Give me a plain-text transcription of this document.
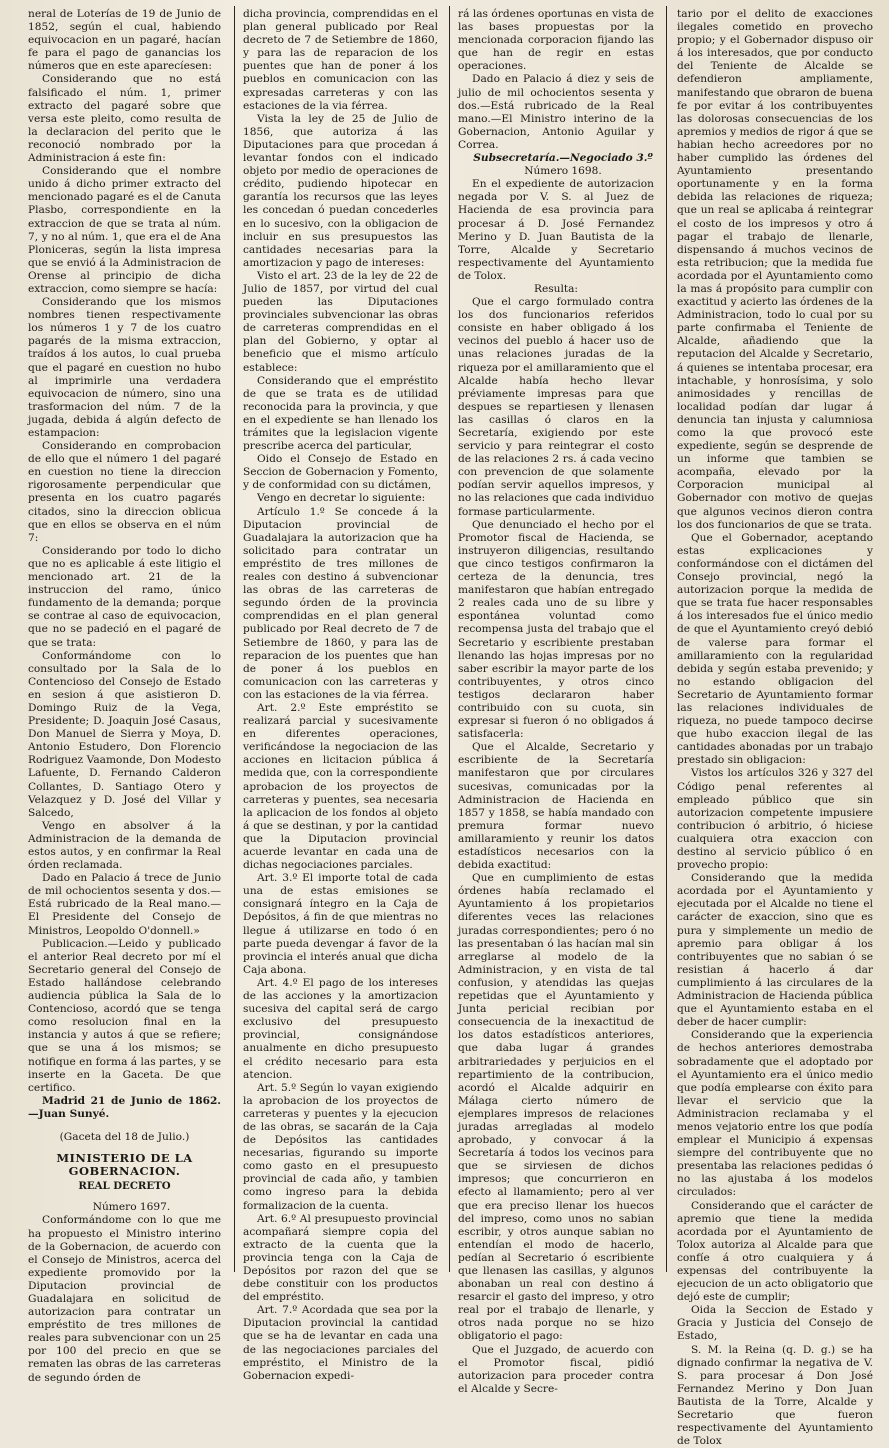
neral de Loterías de 19 de Junio de 1852, según el cual, habiendo equivocacion en un pagaré, hacían fe para el pago de ganancias los números que en este aparecíesen:

Considerando que no está falsificado el núm. 1, primer extracto del pagaré sobre que versa este pleito, como resulta de la declaracion del perito que le reconoció nombrado por la Administracion á este fin:

Considerando que el nombre unido á dicho primer extracto del mencionado pagaré es el de Canuta Plasbo, correspondiente en la extraccion de que se trata al núm. 7, y no al núm. 1, que era el de Ana Ploniceras, según la lista impresa que se envió á la Administracion de Orense al principio de dicha extraccion, como siempre se hacía:

Considerando que los mismos nombres tienen respectivamente los números 1 y 7 de los cuatro pagarés de la misma extraccion, traídos á los autos, lo cual prueba que el pagaré en cuestion no hubo al imprimirle una verdadera equivocacion de número, sino una trasformacion del núm. 7 de la jugada, debida á algún defecto de estampacion:

Considerando en comprobacion de ello que el número 1 del pagaré en cuestion no tiene la direccion rigorosamente perpendicular que presenta en los cuatro pagarés citados, sino la direccion oblicua que en ellos se observa en el núm 7:

Considerando por todo lo dicho que no es aplicable á este litigio el mencionado art. 21 de la instruccion del ramo, único fundamento de la demanda; porque se contrae al caso de equivocacion, que no se padeció en el pagaré de que se trata:

Conformándome con lo consultado por la Sala de lo Contencioso del Consejo de Estado en sesion á que asistieron D. Domingo Ruiz de la Vega, Presidente; D. Joaquin José Casaus, Don Manuel de Sierra y Moya, D. Antonio Estudero, Don Florencio Rodriguez Vaamonde, Don Modesto Lafuente, D. Fernando Calderon Collantes, D. Santiago Otero y Velazquez y D. José del Villar y Salcedo,

Vengo en absolver á la Administracion de la demanda de estos autos, y en confirmar la Real órden reclamada.

Dado en Palacio á trece de Junio de mil ochocientos sesenta y dos.—Está rubricado de la Real mano.—El Presidente del Consejo de Ministros, Leopoldo O'donnell.»

Publicacion.—Leido y publicado el anterior Real decreto por mí el Secretario general del Consejo de Estado hallándose celebrando audiencia pública la Sala de lo Contencioso, acordó que se tenga como resolucion final en la instancia y autos á que se refiere; que se una á los mismos; se notifique en forma á las partes, y se inserte en la Gaceta. De que certifico.

Madrid 21 de Junio de 1862.—Juan Sunyé.

(Gaceta del 18 de Julio.)

MINISTERIO DE LA GOBERNACION.
REAL DECRETO

Número 1697.

Conformándome con lo que me ha propuesto el Ministro interino de la Gobernacion, de acuerdo con el Consejo de Ministros, acerca del expediente promovido por la Diputacion provincial de Guadalajara en solicitud de autorizacion para contratar un empréstito de tres millones de reales para subvencionar con un 25 por 100 del precio en que se rematen las obras de las carreteras de segundo órden de

dicha provincia, comprendidas en el plan general publicado por Real decreto de 7 de Setiembre de 1860, y para las de reparacion de los puentes que han de poner á los pueblos en comunicacion con las expresadas carreteras y con las estaciones de la via férrea.

Vista la ley de 25 de Julio de 1856, que autoriza á las Diputaciones para que procedan á levantar fondos con el indicado objeto por medio de operaciones de crédito, pudiendo hipotecar en garantía los recursos que las leyes les concedan ó puedan concederles en lo sucesivo, con la obligacion de incluir en sus presupuestos las cantidades necesarias para la amortizacion y pago de intereses:

Visto el art. 23 de la ley de 22 de Julio de 1857, por virtud del cual pueden las Diputaciones provinciales subvencionar las obras de carreteras comprendidas en el plan del Gobierno, y optar al beneficio que el mismo artículo establece:

Considerando que el empréstito de que se trata es de utilidad reconocida para la provincia, y que en el expediente se han llenado los trámites que la legislacion vigente prescribe acerca del particular,

Oido el Consejo de Estado en Seccion de Gobernacion y Fomento, y de conformidad con su dictámen,

Vengo en decretar lo siguiente:

Artículo 1.º Se concede á la Diputacion provincial de Guadalajara la autorizacion que ha solicitado para contratar un empréstito de tres millones de reales con destino á subvencionar las obras de las carreteras de segundo órden de la provincia comprendidas en el plan general publicado por Real decreto de 7 de Setiembre de 1860, y para las de reparacion de los puentes que han de poner á los pueblos en comunicacion con las carreteras y con las estaciones de la via férrea.

Art. 2.º Este empréstito se realizará parcial y sucesivamente en diferentes operaciones, verificándose la negociacion de las acciones en licitacion pública á medida que, con la correspondiente aprobacion de los proyectos de carreteras y puentes, sea necesaria la aplicacion de los fondos al objeto á que se destinan, y por la cantidad que la Diputacion provincial acuerde levantar en cada una de dichas negociaciones parciales.

Art. 3.º El importe total de cada una de estas emisiones se consignará íntegro en la Caja de Depósitos, á fin de que mientras no llegue á utilizarse en todo ó en parte pueda devengar á favor de la provincia el interés anual que dicha Caja abona.

Art. 4.º El pago de los intereses de las acciones y la amortizacion sucesiva del capital será de cargo exclusivo del presupuesto provincial, consignándose anualmente en dicho presupuesto el crédito necesario para esta atencion.

Art. 5.º Según lo vayan exigiendo la aprobacion de los proyectos de carreteras y puentes y la ejecucion de las obras, se sacarán de la Caja de Depósitos las cantidades necesarias, figurando su importe como gasto en el presupuesto provincial de cada año, y tambien como ingreso para la debida formalizacion de la cuenta.

Art. 6.º Al presupuesto provincial acompañará siempre copia del extracto de la cuenta que la provincia tenga con la Caja de Depósitos por razon del que se debe constituir con los productos del empréstito.

Art. 7.º Acordada que sea por la Diputacion provincial la cantidad que se ha de levantar en cada una de las negociaciones parciales del empréstito, el Ministro de la Gobernacion expedi-

rá las órdenes oportunas en vista de las bases propuestas por la mencionada corporacion fijando las que han de regir en estas operaciones.

Dado en Palacio á diez y seis de julio de mil ochocientos sesenta y dos.—Está rubricado de la Real mano.—El Ministro interino de la Gobernacion, Antonio Aguilar y Correa.

Subsecretaría.—Negociado 3.º

Número 1698.

En el expediente de autorizacion negada por V. S. al Juez de Hacienda de esa provincia para procesar á D. José Fernandez Merino y D. Juan Bautista de la Torre, Alcalde y Secretario respectivamente del Ayuntamiento de Tolox.

Resulta:

Que el cargo formulado contra los dos funcionarios referidos consiste en haber obligado á los vecinos del pueblo á hacer uso de unas relaciones juradas de la riqueza por el amillaramiento que el Alcalde había hecho llevar préviamente impresas para que despues se repartiesen y llenasen las casillas ó claros en la Secretaría, exigiendo por este servicio y para reintegrar el costo de las relaciones 2 rs. á cada vecino con prevencion de que solamente podían servir aquellos impresos, y no las relaciones que cada individuo formase particularmente.

Que denunciado el hecho por el Promotor fiscal de Hacienda, se instruyeron diligencias, resultando que cinco testigos confirmaron la certeza de la denuncia, tres manifestaron que habían entregado 2 reales cada uno de su libre y espontánea voluntad como recompensa justa del trabajo que el Secretario y escribiente prestaban llenando las hojas impresas por no saber escribir la mayor parte de los contribuyentes, y otros cinco testigos declararon haber contribuido con su cuota, sin expresar si fueron ó no obligados á satisfacerla:

Que el Alcalde, Secretario y escribiente de la Secretaría manifestaron que por circulares sucesivas, comunicadas por la Administracion de Hacienda en 1857 y 1858, se había mandado con premura formar nuevo amillaramiento y reunir los datos estadísticos necesarios con la debida exactitud:

Que en cumplimiento de estas órdenes había reclamado el Ayuntamiento á los propietarios diferentes veces las relaciones juradas correspondientes; pero ó no las presentaban ó las hacían mal sin arreglarse al modelo de la Administracion, y en vista de tal confusion, y atendidas las quejas repetidas que el Ayuntamiento y Junta pericial recibian por consecuencia de la inexactitud de los datos estadísticos anteriores, que daba lugar á grandes arbitrariedades y perjuicios en el repartimiento de la contribucion, acordó el Alcalde adquirir en Málaga cierto número de ejemplares impresos de relaciones juradas arregladas al modelo aprobado, y convocar á la Secretaría á todos los vecinos para que se sirviesen de dichos impresos; que concurrieron en efecto al llamamiento; pero al ver que era preciso llenar los huecos del impreso, como unos no sabian escribir, y otros aunque sabian no entendían el modo de hacerlo, pedían al Secretario ó escribiente que llenasen las casillas, y algunos abonaban un real con destino á resarcir el gasto del impreso, y otro real por el trabajo de llenarle, y otros nada porque no se hizo obligatorio el pago:

Que el Juzgado, de acuerdo con el Promotor fiscal, pidió autorizacion para proceder contra el Alcalde y Secre-

tario por el delito de exacciones ilegales cometido en provecho propio; y el Gobernador dispuso oir á los interesados, que por conducto del Teniente de Alcalde se defendieron ampliamente, manifestando que obraron de buena fe por evitar á los contribuyentes las dolorosas consecuencias de los apremios y medios de rigor á que se habian hecho acreedores por no haber cumplido las órdenes del Ayuntamiento presentando oportunamente y en la forma debida las relaciones de riqueza; que un real se aplicaba á reintegrar el costo de los impresos y otro á pagar el trabajo de llenarle, dispensando á muchos vecinos de esta retribucion; que la medida fue acordada por el Ayuntamiento como la mas á propósito para cumplir con exactitud y acierto las órdenes de la Administracion, todo lo cual por su parte confirmaba el Teniente de Alcalde, añadiendo que la reputacion del Alcalde y Secretario, á quienes se intentaba procesar, era intachable, y honrosísima, y solo animosidades y rencillas de localidad podían dar lugar á denuncia tan injusta y calumniosa como la que provocó este expediente, según se desprende de un informe que tambien se acompaña, elevado por la Corporacion municipal al Gobernador con motivo de quejas que algunos vecinos dieron contra los dos funcionarios de que se trata.

Que el Gobernador, aceptando estas explicaciones y conformándose con el dictámen del Consejo provincial, negó la autorizacion porque la medida de que se trata fue hacer responsables á los interesados fue el único medio de que el Ayuntamiento creyó debió de valerse para formar el amillaramiento con la regularidad debida y según estaba prevenido; y no estando obligacion del Secretario de Ayuntamiento formar las relaciones individuales de riqueza, no puede tampoco decirse que hubo exaccion ilegal de las cantidades abonadas por un trabajo prestado sin obligacion:

Vistos los artículos 326 y 327 del Código penal referentes al empleado público que sin autorizacion competente impusiere contribucion ó arbitrio, ó hiciese cualquiera otra exaccion con destino al servicio público ó en provecho propio:

Considerando que la medida acordada por el Ayuntamiento y ejecutada por el Alcalde no tiene el carácter de exaccion, sino que es pura y simplemente un medio de apremio para obligar á los contribuyentes que no sabian ó se resistian á hacerlo á dar cumplimiento á las circulares de la Administracion de Hacienda pública que el Ayuntamiento estaba en el deber de hacer cumplir:

Considerando que la experiencia de hechos anteriores demostraba sobradamente que el adoptado por el Ayuntamiento era el único medio que podía emplearse con éxito para llevar el servicio que la Administracion reclamaba y el menos vejatorio entre los que podía emplear el Municipio á expensas siempre del contribuyente que no presentaba las relaciones pedidas ó no las ajustaba á los modelos circulados:

Considerando que el carácter de apremio que tiene la medida acordada por el Ayuntamiento de Tolox autoriza al Alcalde para que confíe á otro cualquiera y á expensas del contribuyente la ejecucion de un acto obligatorio que dejó este de cumplir;

Oida la Seccion de Estado y Gracia y Justicia del Consejo de Estado,

S. M. la Reina (q. D. g.) se ha dignado confirmar la negativa de V. S. para procesar á Don José Fernandez Merino y Don Juan Bautista de la Torre, Alcalde y Secretario que fueron respectivamente del Ayuntamiento de Tolox
